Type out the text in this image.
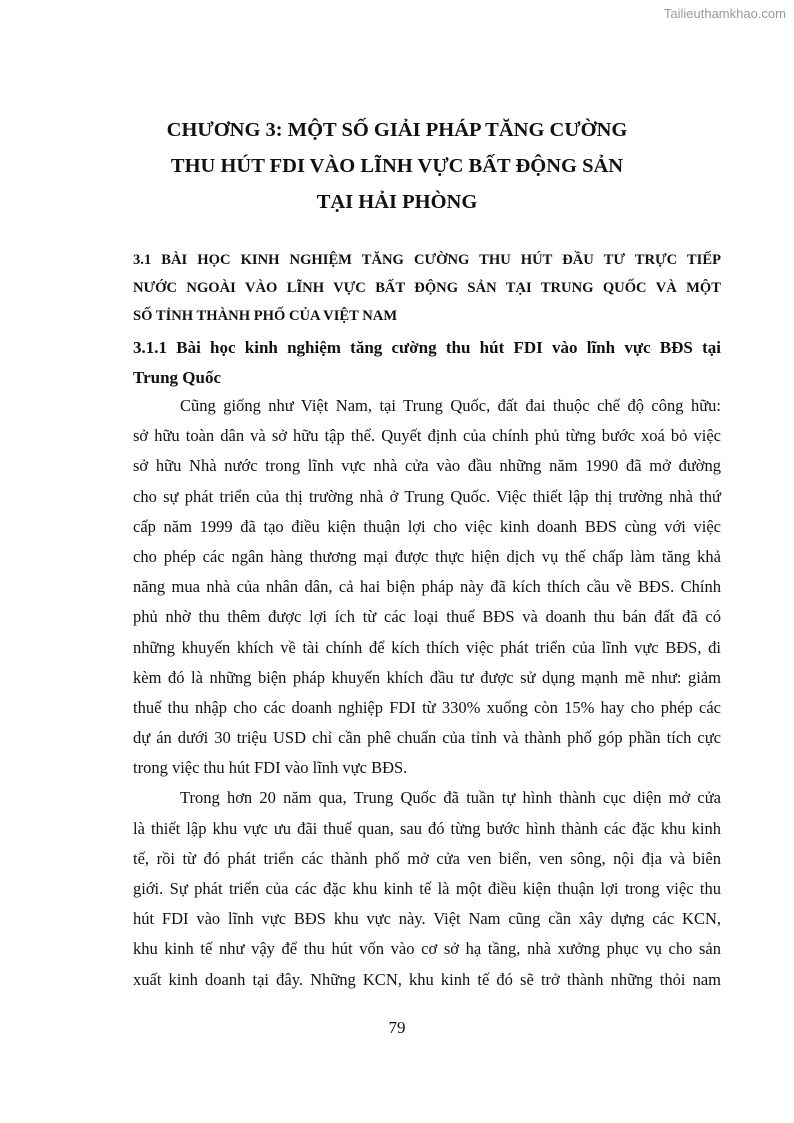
Tailieuthamkhao.com
CHƯƠNG 3: MỘT SỐ GIẢI PHÁP TĂNG CƯỜNG
THU HÚT FDI VÀO LĨNH VỰC BẤT ĐỘNG SẢN
TẠI HẢI PHÒNG
3.1 BÀI HỌC KINH NGHIỆM TĂNG CƯỜNG THU HÚT ĐẦU TƯ TRỰC TIẾP
NƯỚC NGOÀI VÀO LĨNH VỰC BẤT ĐỘNG SẢN TẠI TRUNG QUỐC VÀ MỘT
SỐ TỈNH THÀNH PHỐ CỦA VIỆT NAM
3.1.1 Bài học kinh nghiệm tăng cường thu hút FDI vào lĩnh vực BĐS tại
Trung Quốc
Cũng giống như Việt Nam, tại Trung Quốc, đất đai thuộc chế độ công hữu:
sở hữu toàn dân và sở hữu tập thể. Quyết định của chính phủ từng bước xoá bỏ việc
sở hữu Nhà nước trong lĩnh vực nhà cửa vào đầu những năm 1990 đã mở đường
cho sự phát triển của thị trường nhà ở Trung Quốc. Việc thiết lập thị trường nhà thứ
cấp năm 1999 đã tạo điều kiện thuận lợi cho việc kinh doanh BĐS cùng với việc
cho phép các ngân hàng thương mại được thực hiện dịch vụ thế chấp làm tăng khả
năng mua nhà của nhân dân, cả hai biện pháp này đã kích thích cầu về BĐS. Chính
phủ nhờ thu thêm được lợi ích từ các loại thuế BĐS và doanh thu bán đất đã có
những khuyến khích về tài chính để kích thích việc phát triển của lĩnh vực BĐS, đi
kèm đó là những biện pháp khuyến khích đầu tư được sử dụng mạnh mẽ như: giảm
thuế thu nhập cho các doanh nghiệp FDI từ 330% xuống còn 15% hay cho phép các
dự án dưới 30 triệu USD chỉ cần phê chuẩn của tỉnh và thành phố góp phần tích cực
trong việc thu hút FDI vào lĩnh vực BĐS.
Trong hơn 20 năm qua, Trung Quốc đã tuần tự hình thành cục diện mở cửa
là thiết lập khu vực ưu đãi thuế quan, sau đó từng bước hình thành các đặc khu kinh
tế, rồi từ đó phát triển các thành phố mở cửa ven biển, ven sông, nội địa và biên
giới. Sự phát triển của các đặc khu kinh tế là một điều kiện thuận lợi trong việc thu
hút FDI vào lĩnh vực BĐS khu vực này. Việt Nam cũng cần xây dựng các KCN,
khu kinh tế như vậy để thu hút vốn vào cơ sở hạ tầng, nhà xưởng phục vụ cho sản
xuất kinh doanh tại đây. Những KCN, khu kinh tế đó sẽ trở thành những thỏi nam
79
